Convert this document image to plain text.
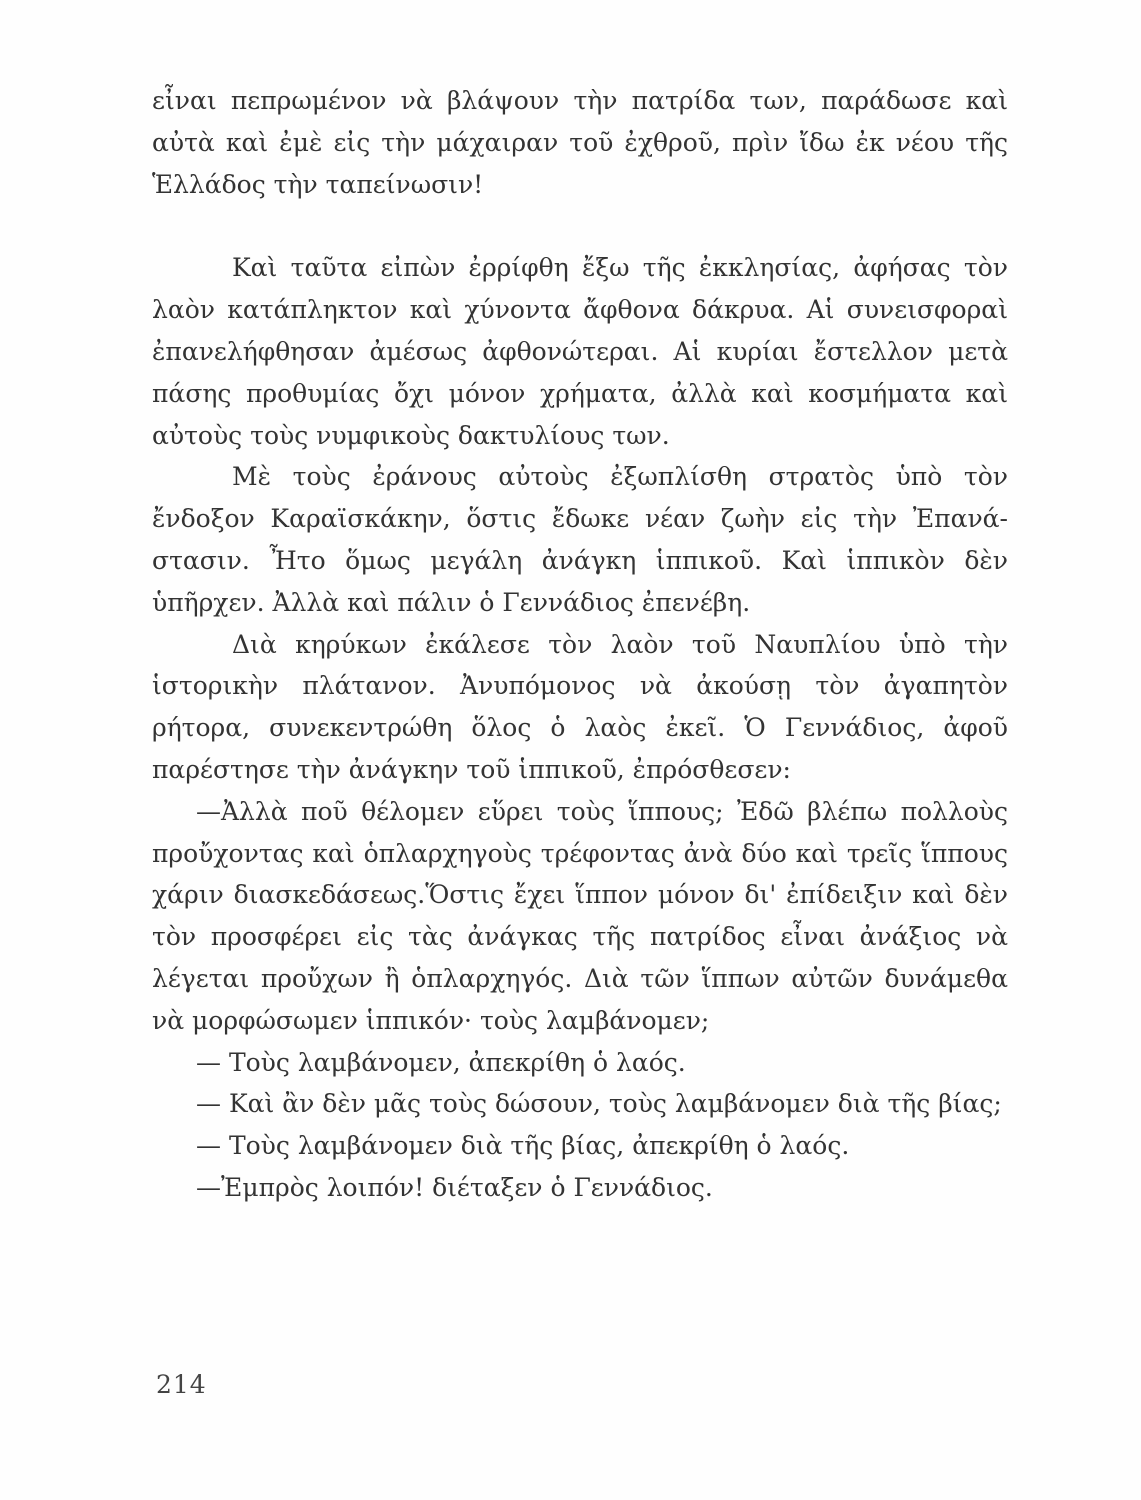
εἶναι πεπρωμένον νὰ βλάψουν τὴν πατρίδα των, παράδωσε καὶ αὐτὰ καὶ ἐμὲ εἰς τὴν μάχαιραν τοῦ ἐχθροῦ, πρὶν ἴδω ἐκ νέου τῆς Ἑλλάδος τὴν ταπείνωσιν!

Καὶ ταῦτα εἰπὼν ἐρρίφθη ἔξω τῆς ἐκκλησίας, ἀφήσας τὸν λαὸν κατάπληκτον καὶ χύνοντα ἄφθονα δάκρυα. Αἱ συνεισφοραὶ ἐπανελήφθησαν ἀμέσως ἀφθονώτεραι. Αἱ κυρίαι ἔστελλον μετὰ πάσης προθυμίας ὄχι μόνον χρήματα, ἀλλὰ καὶ κοσμήματα καὶ αὐτοὺς τοὺς νυμφικοὺς δακτυλίους των.

Μὲ τοὺς ἐράνους αὐτοὺς ἐξωπλίσθη στρατὸς ὑπὸ τὸν ἔνδοξον Καραϊσκάκην, ὅστις ἔδωκε νέαν ζωὴν εἰς τὴν Ἐπανάστασιν. Ἦτο ὅμως μεγάλη ἀνάγκη ἱππικοῦ. Καὶ ἱππικὸν δὲν ὑπῆρχεν. Ἀλλὰ καὶ πάλιν ὁ Γεννάδιος ἐπενέβη.

Διὰ κηρύκων ἐκάλεσε τὸν λαὸν τοῦ Ναυπλίου ὑπὸ τὴν ἱστορικὴν πλάτανον. Ἀνυπόμονος νὰ ἀκούσῃ τὸν ἀγαπητὸν ρήτορα, συνεκεντρώθη ὅλος ὁ λαὸς ἐκεῖ. Ὁ Γεννάδιος, ἀφοῦ παρέστησε τὴν ἀνάγκην τοῦ ἱππικοῦ, ἐπρόσθεσεν:

—Ἀλλὰ ποῦ θέλομεν εὕρει τοὺς ἵππους; Ἐδῶ βλέπω πολλοὺς προὔχοντας καὶ ὁπλαρχηγοὺς τρέφοντας ἀνὰ δύο καὶ τρεῖς ἵππους χάριν διασκεδάσεως.Ὅστις ἔχει ἵππον μόνον δι' ἐπίδειξιν καὶ δὲν τὸν προσφέρει εἰς τὰς ἀνάγκας τῆς πατρίδος εἶναι ἀνάξιος νὰ λέγεται προὔχων ἢ ὁπλαρχηγός. Διὰ τῶν ἵππων αὐτῶν δυνάμεθα νὰ μορφώσωμεν ἱππικόν· τοὺς λαμβάνομεν;

— Τοὺς λαμβάνομεν, ἀπεκρίθη ὁ λαός.

— Καὶ ἂν δὲν μᾶς τοὺς δώσουν, τοὺς λαμβάνομεν διὰ τῆς βίας;

— Τοὺς λαμβάνομεν διὰ τῆς βίας, ἀπεκρίθη ὁ λαός.

—Ἐμπρὸς λοιπόν! διέταξεν ὁ Γεννάδιος.

214
